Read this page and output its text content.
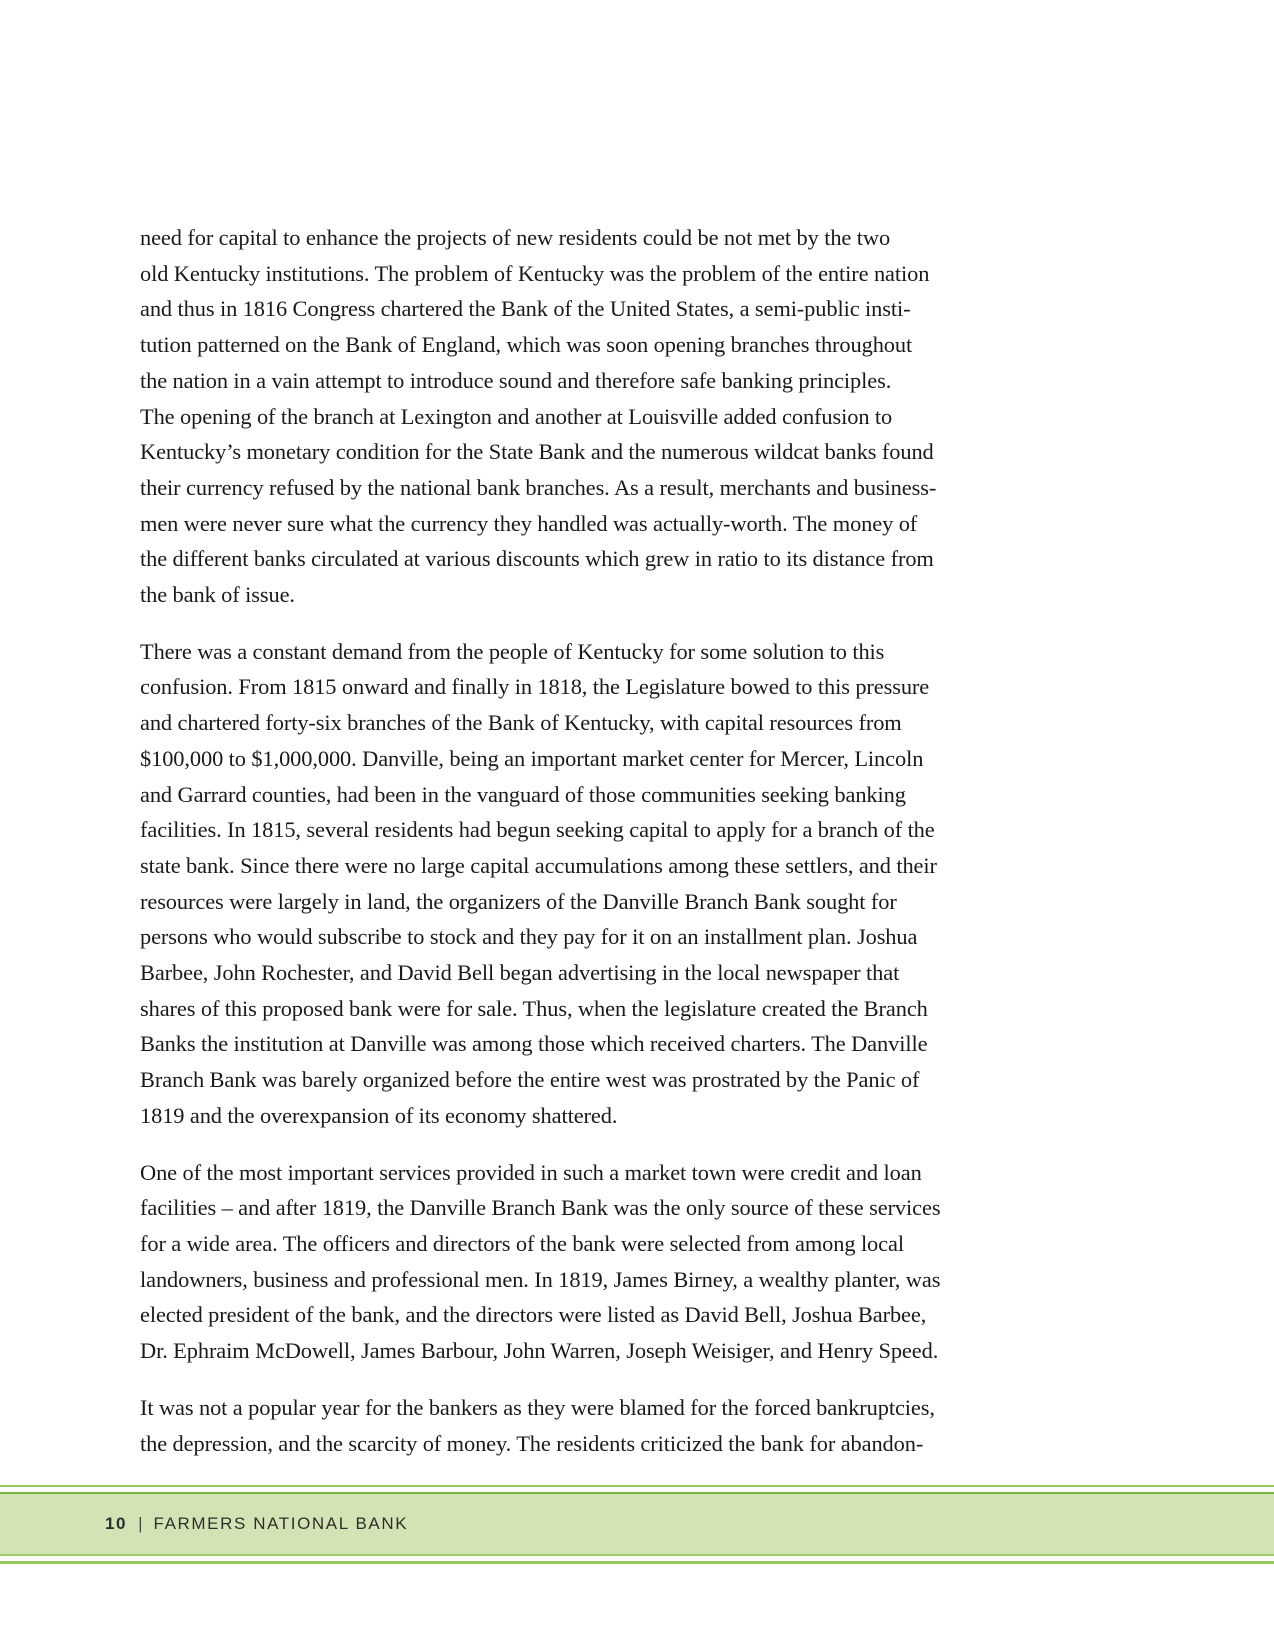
need for capital to enhance the projects of new residents could be not met by the two
old Kentucky institutions. The problem of Kentucky was the problem of the entire nation
and thus in 1816 Congress chartered the Bank of the United States, a semi-public insti-
tution patterned on the Bank of England, which was soon opening branches throughout
the nation in a vain attempt to introduce sound and therefore safe banking principles.
The opening of the branch at Lexington and another at Louisville added confusion to
Kentucky’s monetary condition for the State Bank and the numerous wildcat banks found
their currency refused by the national bank branches. As a result, merchants and business-
men were never sure what the currency they handled was actually-worth. The money of
the different banks circulated at various discounts which grew in ratio to its distance from
the bank of issue.

There was a constant demand from the people of Kentucky for some solution to this
confusion. From 1815 onward and finally in 1818, the Legislature bowed to this pressure
and chartered forty-six branches of the Bank of Kentucky, with capital resources from
$100,000 to $1,000,000. Danville, being an important market center for Mercer, Lincoln
and Garrard counties, had been in the vanguard of those communities seeking banking
facilities. In 1815, several residents had begun seeking capital to apply for a branch of the
state bank. Since there were no large capital accumulations among these settlers, and their
resources were largely in land, the organizers of the Danville Branch Bank sought for
persons who would subscribe to stock and they pay for it on an installment plan. Joshua
Barbee, John Rochester, and David Bell began advertising in the local newspaper that
shares of this proposed bank were for sale. Thus, when the legislature created the Branch
Banks the institution at Danville was among those which received charters. The Danville
Branch Bank was barely organized before the entire west was prostrated by the Panic of
1819 and the overexpansion of its economy shattered.

One of the most important services provided in such a market town were credit and loan
facilities – and after 1819, the Danville Branch Bank was the only source of these services
for a wide area. The officers and directors of the bank were selected from among local
landowners, business and professional men. In 1819, James Birney, a wealthy planter, was
elected president of the bank, and the directors were listed as David Bell, Joshua Barbee,
Dr. Ephraim McDowell, James Barbour, John Warren, Joseph Weisiger, and Henry Speed.

It was not a popular year for the bankers as they were blamed for the forced bankruptcies,
the depression, and the scarcity of money. The residents criticized the bank for abandon-

10 | FARMERS NATIONAL BANK
